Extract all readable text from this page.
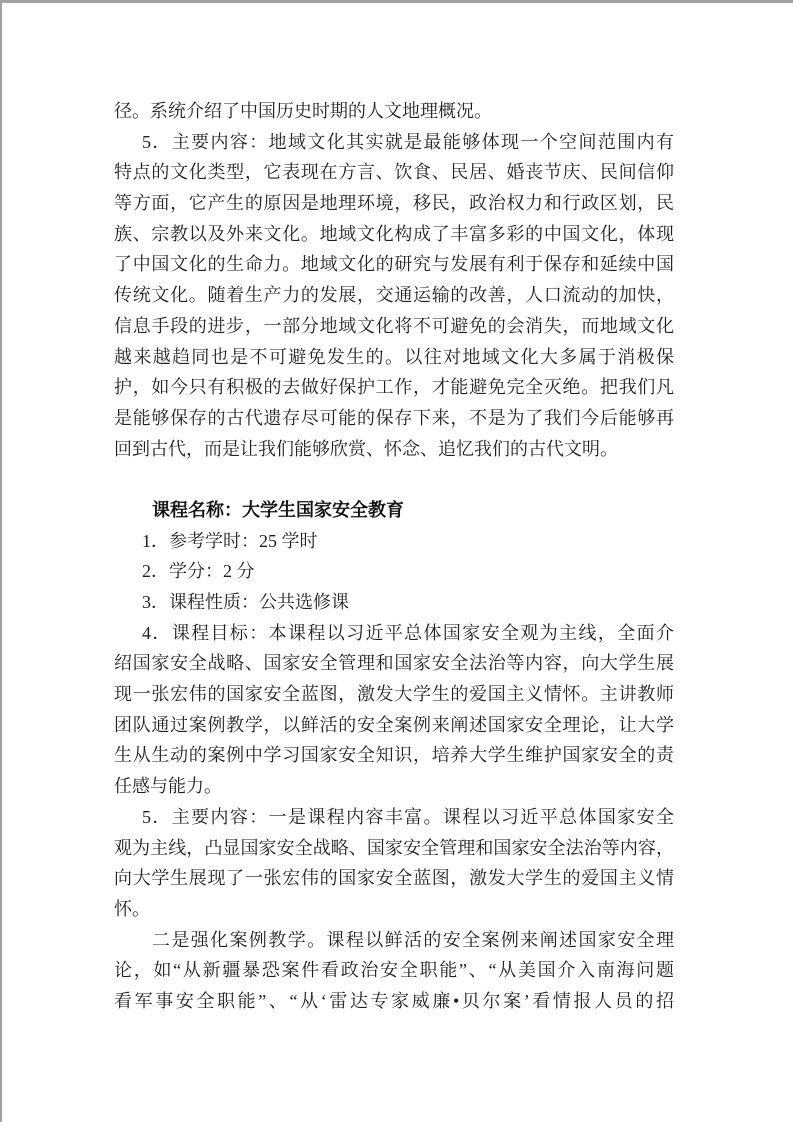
径。系统介绍了中国历史时期的人文地理概况。
5．主要内容：地域文化其实就是最能够体现一个空间范围内有
特点的文化类型，它表现在方言、饮食、民居、婚丧节庆、民间信仰
等方面，它产生的原因是地理环境，移民，政治权力和行政区划，民
族、宗教以及外来文化。地域文化构成了丰富多彩的中国文化，体现
了中国文化的生命力。地域文化的研究与发展有利于保存和延续中国
传统文化。随着生产力的发展，交通运输的改善，人口流动的加快，
信息手段的进步，一部分地域文化将不可避免的会消失，而地域文化
越来越趋同也是不可避免发生的。以往对地域文化大多属于消极保
护，如今只有积极的去做好保护工作，才能避免完全灭绝。把我们凡
是能够保存的古代遗存尽可能的保存下来，不是为了我们今后能够再
回到古代，而是让我们能够欣赏、怀念、追忆我们的古代文明。
课程名称：大学生国家安全教育
1．参考学时：25 学时
2．学分：2 分
3．课程性质：公共选修课
4．课程目标：本课程以习近平总体国家安全观为主线，全面介
绍国家安全战略、国家安全管理和国家安全法治等内容，向大学生展
现一张宏伟的国家安全蓝图，激发大学生的爱国主义情怀。主讲教师
团队通过案例教学，以鲜活的安全案例来阐述国家安全理论，让大学
生从生动的案例中学习国家安全知识，培养大学生维护国家安全的责
任感与能力。
5．主要内容：一是课程内容丰富。课程以习近平总体国家安全
观为主线，凸显国家安全战略、国家安全管理和国家安全法治等内容，
向大学生展现了一张宏伟的国家安全蓝图，激发大学生的爱国主义情
怀。
二是强化案例教学。课程以鲜活的安全案例来阐述国家安全理
论，如“从新疆暴恐案件看政治安全职能”、“从美国介入南海问题
看军事安全职能”、“从‘雷达专家威廉•贝尔案’看情报人员的招
